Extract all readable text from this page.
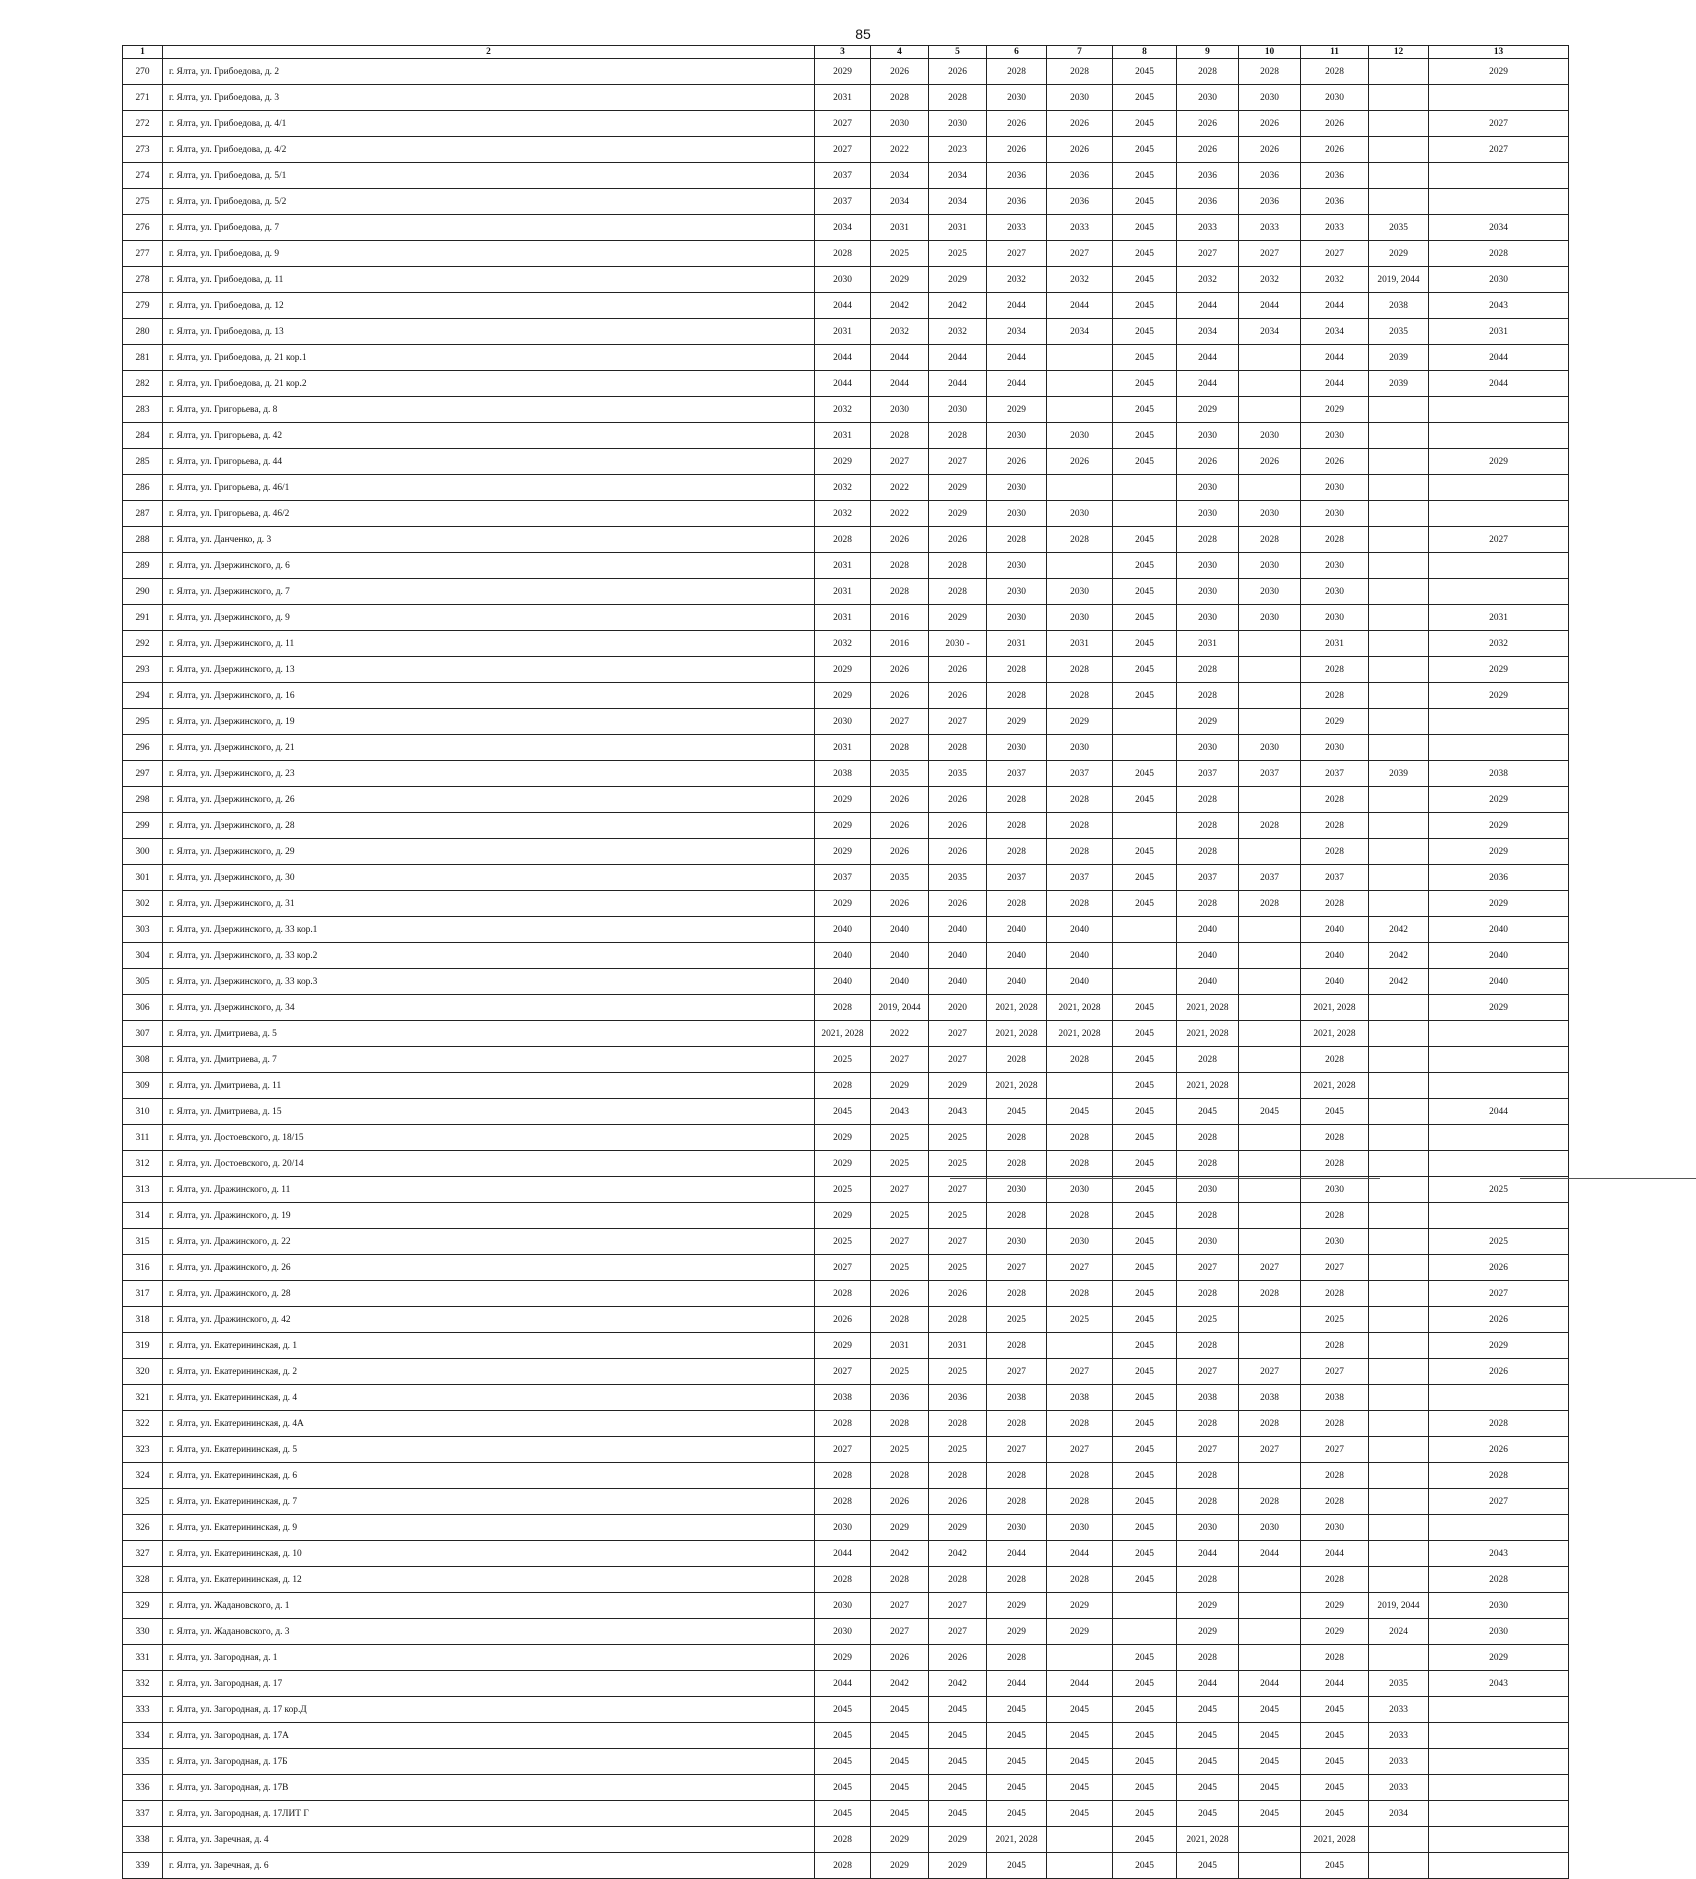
85
1	2	3	4	5	6	7	8	9	10	11	12	13
270	г. Ялта, ул. Грибоедова, д. 2	2029	2026	2026	2028	2028	2045	2028	2028	2028		2029
271	г. Ялта, ул. Грибоедова, д. 3	2031	2028	2028	2030	2030	2045	2030	2030	2030		
272	г. Ялта, ул. Грибоедова, д. 4/1	2027	2030	2030	2026	2026	2045	2026	2026	2026		2027
273	г. Ялта, ул. Грибоедова, д. 4/2	2027	2022	2023	2026	2026	2045	2026	2026	2026		2027
274	г. Ялта, ул. Грибоедова, д. 5/1	2037	2034	2034	2036	2036	2045	2036	2036	2036		
275	г. Ялта, ул. Грибоедова, д. 5/2	2037	2034	2034	2036	2036	2045	2036	2036	2036		
276	г. Ялта, ул. Грибоедова, д. 7	2034	2031	2031	2033	2033	2045	2033	2033	2033	2035	2034
277	г. Ялта, ул. Грибоедова, д. 9	2028	2025	2025	2027	2027	2045	2027	2027	2027	2029	2028
278	г. Ялта, ул. Грибоедова, д. 11	2030	2029	2029	2032	2032	2045	2032	2032	2032	2019, 2044	2030
279	г. Ялта, ул. Грибоедова, д. 12	2044	2042	2042	2044	2044	2045	2044	2044	2044	2038	2043
280	г. Ялта, ул. Грибоедова, д. 13	2031	2032	2032	2034	2034	2045	2034	2034	2034	2035	2031
281	г. Ялта, ул. Грибоедова, д. 21 кор.1	2044	2044	2044	2044		2045	2044		2044	2039	2044
282	г. Ялта, ул. Грибоедова, д. 21 кор.2	2044	2044	2044	2044		2045	2044		2044	2039	2044
283	г. Ялта, ул. Григорьева, д. 8	2032	2030	2030	2029		2045	2029		2029		
284	г. Ялта, ул. Григорьева, д. 42	2031	2028	2028	2030	2030	2045	2030	2030	2030		
285	г. Ялта, ул. Григорьева, д. 44	2029	2027	2027	2026	2026	2045	2026	2026	2026		2029
286	г. Ялта, ул. Григорьева, д. 46/1	2032	2022	2029	2030			2030		2030		
287	г. Ялта, ул. Григорьева, д. 46/2	2032	2022	2029	2030	2030		2030	2030	2030		
288	г. Ялта, ул. Данченко, д. 3	2028	2026	2026	2028	2028	2045	2028	2028	2028		2027
289	г. Ялта, ул. Дзержинского, д. 6	2031	2028	2028	2030		2045	2030	2030	2030		
290	г. Ялта, ул. Дзержинского, д. 7	2031	2028	2028	2030	2030	2045	2030	2030	2030		
291	г. Ялта, ул. Дзержинского, д. 9	2031	2016	2029	2030	2030	2045	2030	2030	2030		2031
292	г. Ялта, ул. Дзержинского, д. 11	2032	2016	2030 -	2031	2031	2045	2031		2031		2032
293	г. Ялта, ул. Дзержинского, д. 13	2029	2026	2026	2028	2028	2045	2028		2028		2029
294	г. Ялта, ул. Дзержинского, д. 16	2029	2026	2026	2028	2028	2045	2028		2028		2029
295	г. Ялта, ул. Дзержинского, д. 19	2030	2027	2027	2029	2029		2029		2029		
296	г. Ялта, ул. Дзержинского, д. 21	2031	2028	2028	2030	2030		2030	2030	2030		
297	г. Ялта, ул. Дзержинского, д. 23	2038	2035	2035	2037	2037	2045	2037	2037	2037	2039	2038
298	г. Ялта, ул. Дзержинского, д. 26	2029	2026	2026	2028	2028	2045	2028		2028		2029
299	г. Ялта, ул. Дзержинского, д. 28	2029	2026	2026	2028	2028		2028	2028	2028		2029
300	г. Ялта, ул. Дзержинского, д. 29	2029	2026	2026	2028	2028	2045	2028		2028		2029
301	г. Ялта, ул. Дзержинского, д. 30	2037	2035	2035	2037	2037	2045	2037	2037	2037		2036
302	г. Ялта, ул. Дзержинского, д. 31	2029	2026	2026	2028	2028	2045	2028	2028	2028		2029
303	г. Ялта, ул. Дзержинского, д. 33 кор.1	2040	2040	2040	2040	2040		2040		2040	2042	2040
304	г. Ялта, ул. Дзержинского, д. 33 кор.2	2040	2040	2040	2040	2040		2040		2040	2042	2040
305	г. Ялта, ул. Дзержинского, д. 33 кор.3	2040	2040	2040	2040	2040		2040		2040	2042	2040
306	г. Ялта, ул. Дзержинского, д. 34	2028	2019, 2044	2020	2021, 2028	2021, 2028	2045	2021, 2028		2021, 2028		2029
307	г. Ялта, ул. Дмитриева, д. 5	2021, 2028	2022	2027	2021, 2028	2021, 2028	2045	2021, 2028		2021, 2028		
308	г. Ялта, ул. Дмитриева, д. 7	2025	2027	2027	2028	2028	2045	2028		2028		
309	г. Ялта, ул. Дмитриева, д. 11	2028	2029	2029	2021, 2028		2045	2021, 2028		2021, 2028		
310	г. Ялта, ул. Дмитриева, д. 15	2045	2043	2043	2045	2045	2045	2045	2045	2045		2044
311	г. Ялта, ул. Достоевского, д. 18/15	2029	2025	2025	2028	2028	2045	2028		2028		
312	г. Ялта, ул. Достоевского, д. 20/14	2029	2025	2025	2028	2028	2045	2028		2028		
313	г. Ялта, ул. Дражинского, д. 11	2025	2027	2027	2030	2030	2045	2030		2030		2025
314	г. Ялта, ул. Дражинского, д. 19	2029	2025	2025	2028	2028	2045	2028		2028		
315	г. Ялта, ул. Дражинского, д. 22	2025	2027	2027	2030	2030	2045	2030		2030		2025
316	г. Ялта, ул. Дражинского, д. 26	2027	2025	2025	2027	2027	2045	2027	2027	2027		2026
317	г. Ялта, ул. Дражинского, д. 28	2028	2026	2026	2028	2028	2045	2028	2028	2028		2027
318	г. Ялта, ул. Дражинского, д. 42	2026	2028	2028	2025	2025	2045	2025		2025		2026
319	г. Ялта, ул. Екатерининская, д. 1	2029	2031	2031	2028		2045	2028		2028		2029
320	г. Ялта, ул. Екатерининская, д. 2	2027	2025	2025	2027	2027	2045	2027	2027	2027		2026
321	г. Ялта, ул. Екатерининская, д. 4	2038	2036	2036	2038	2038	2045	2038	2038	2038		
322	г. Ялта, ул. Екатерининская, д. 4А	2028	2028	2028	2028	2028	2045	2028	2028	2028		2028
323	г. Ялта, ул. Екатерининская, д. 5	2027	2025	2025	2027	2027	2045	2027	2027	2027		2026
324	г. Ялта, ул. Екатерининская, д. 6	2028	2028	2028	2028	2028	2045	2028		2028		2028
325	г. Ялта, ул. Екатерининская, д. 7	2028	2026	2026	2028	2028	2045	2028	2028	2028		2027
326	г. Ялта, ул. Екатерининская, д. 9	2030	2029	2029	2030	2030	2045	2030	2030	2030		
327	г. Ялта, ул. Екатерининская, д. 10	2044	2042	2042	2044	2044	2045	2044	2044	2044		2043
328	г. Ялта, ул. Екатерининская, д. 12	2028	2028	2028	2028	2028	2045	2028		2028		2028
329	г. Ялта, ул. Жадановского, д. 1	2030	2027	2027	2029	2029		2029		2029	2019, 2044	2030
330	г. Ялта, ул. Жадановского, д. 3	2030	2027	2027	2029	2029		2029		2029	2024	2030
331	г. Ялта, ул. Загородная, д. 1	2029	2026	2026	2028		2045	2028		2028		2029
332	г. Ялта, ул. Загородная, д. 17	2044	2042	2042	2044	2044	2045	2044	2044	2044	2035	2043
333	г. Ялта, ул. Загородная, д. 17 кор.Д	2045	2045	2045	2045	2045	2045	2045	2045	2045	2033	
334	г. Ялта, ул. Загородная, д. 17А	2045	2045	2045	2045	2045	2045	2045	2045	2045	2033	
335	г. Ялта, ул. Загородная, д. 17Б	2045	2045	2045	2045	2045	2045	2045	2045	2045	2033	
336	г. Ялта, ул. Загородная, д. 17В	2045	2045	2045	2045	2045	2045	2045	2045	2045	2033	
337	г. Ялта, ул. Загородная, д. 17ЛИТ Г	2045	2045	2045	2045	2045	2045	2045	2045	2045	2034	
338	г. Ялта, ул. Заречная, д. 4	2028	2029	2029	2021, 2028		2045	2021, 2028		2021, 2028		
339	г. Ялта, ул. Заречная, д. 6	2028	2029	2029	2045		2045	2045		2045		
